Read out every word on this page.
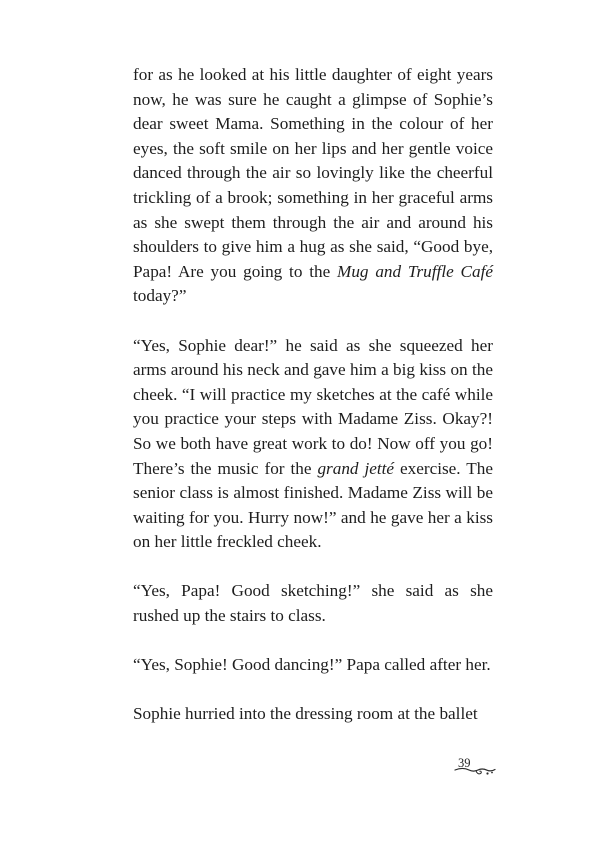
for as he looked at his little daughter of eight years now, he was sure he caught a glimpse of Sophie’s dear sweet Mama. Something in the colour of her eyes, the soft smile on her lips and her gentle voice danced through the air so lovingly like the cheerful trickling of a brook; something in her graceful arms as she swept them through the air and around his shoulders to give him a hug as she said, “Good bye, Papa! Are you going to the Mug and Truffle Café today?”

“Yes, Sophie dear!” he said as she squeezed her arms around his neck and gave him a big kiss on the cheek. “I will practice my sketches at the café while you practice your steps with Madame Ziss. Okay?! So we both have great work to do! Now off you go! There’s the music for the grand jetté exercise. The senior class is almost finished. Madame Ziss will be waiting for you. Hurry now!” and he gave her a kiss on her little freckled cheek.

“Yes, Papa! Good sketching!” she said as she rushed up the stairs to class.

“Yes, Sophie! Good dancing!” Papa called after her.

Sophie hurried into the dressing room at the ballet

39
